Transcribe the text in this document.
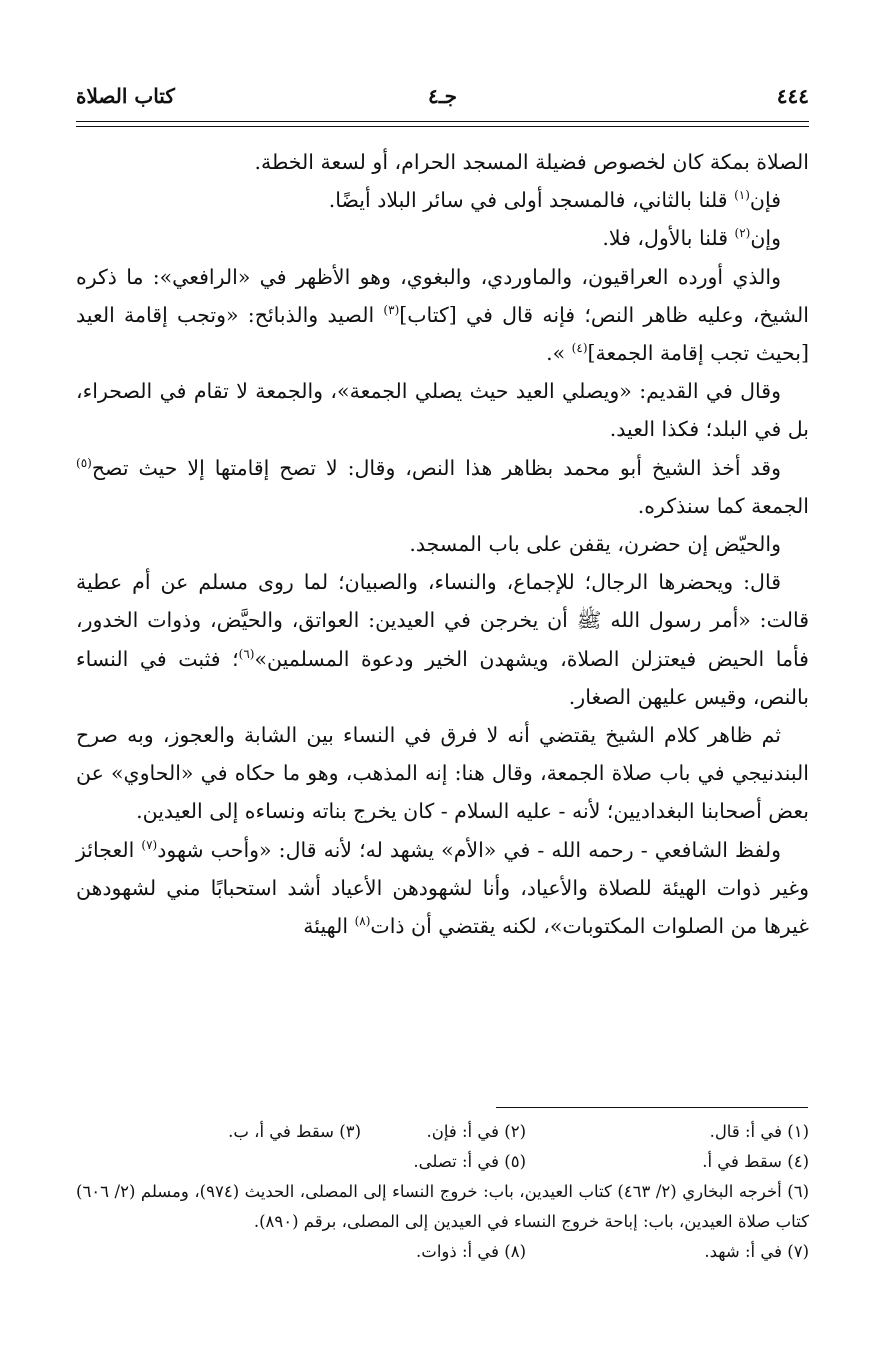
٤٤٤
جـ٤
كتاب الصلاة

الصلاة بمكة كان لخصوص فضيلة المسجد الحرام، أو لسعة الخطة.

فإن$^{(١)}$ قلنا بالثاني، فالمسجد أولى في سائر البلاد أيضًا.

وإن$^{(٢)}$ قلنا بالأول، فلا.

والذي أورده العراقيون، والماوردي، والبغوي، وهو الأظهر في «الرافعي»: ما ذكره الشيخ، وعليه ظاهر النص؛ فإنه قال في [كتاب]$^{(٣)}$ الصيد والذبائح: «وتجب إقامة العيد [بحيث تجب إقامة الجمعة]$^{(٤)}$ ».

وقال في القديم: «ويصلي العيد حيث يصلي الجمعة»، والجمعة لا تقام في الصحراء، بل في البلد؛ فكذا العيد.

وقد أخذ الشيخ أبو محمد بظاهر هذا النص، وقال: لا تصح إقامتها إلا حيث تصح$^{(٥)}$ الجمعة كما سنذكره.

والحيّض إن حضرن، يقفن على باب المسجد.

قال: ويحضرها الرجال؛ للإجماع، والنساء، والصبيان؛ لما روى مسلم عن أم عطية قالت: «أمر رسول الله ﷺ أن يخرجن في العيدين: العواتق، والحيَّض، وذوات الخدور، فأما الحيض فيعتزلن الصلاة، ويشهدن الخير ودعوة المسلمين»$^{(٦)}$؛ فثبت في النساء بالنص، وقيس عليهن الصغار.

ثم ظاهر كلام الشيخ يقتضي أنه لا فرق في النساء بين الشابة والعجوز، وبه صرح البندنيجي في باب صلاة الجمعة، وقال هنا: إنه المذهب، وهو ما حكاه في «الحاوي» عن بعض أصحابنا البغداديين؛ لأنه - عليه السلام - كان يخرج بناته ونساءه إلى العيدين.

ولفظ الشافعي - رحمه الله - في «الأم» يشهد له؛ لأنه قال: «وأحب شهود$^{(٧)}$ العجائز وغير ذوات الهيئة للصلاة والأعياد، وأنا لشهودهن الأعياد أشد استحبابًا مني لشهودهن غيرها من الصلوات المكتوبات»، لكنه يقتضي أن ذات$^{(٨)}$ الهيئة

(١) في أ: قال.
(٢) في أ: فإن.
(٣) سقط في أ، ب.
(٤) سقط في أ.
(٥) في أ: تصلى.
(٦) أخرجه البخاري (٢/ ٤٦٣) كتاب العيدين، باب: خروج النساء إلى المصلى، الحديث (٩٧٤)، ومسلم (٢/ ٦٠٦) كتاب صلاة العيدين، باب: إباحة خروج النساء في العيدين إلى المصلى، برقم (٨٩٠).
(٧) في أ: شهد.
(٨) في أ: ذوات.
